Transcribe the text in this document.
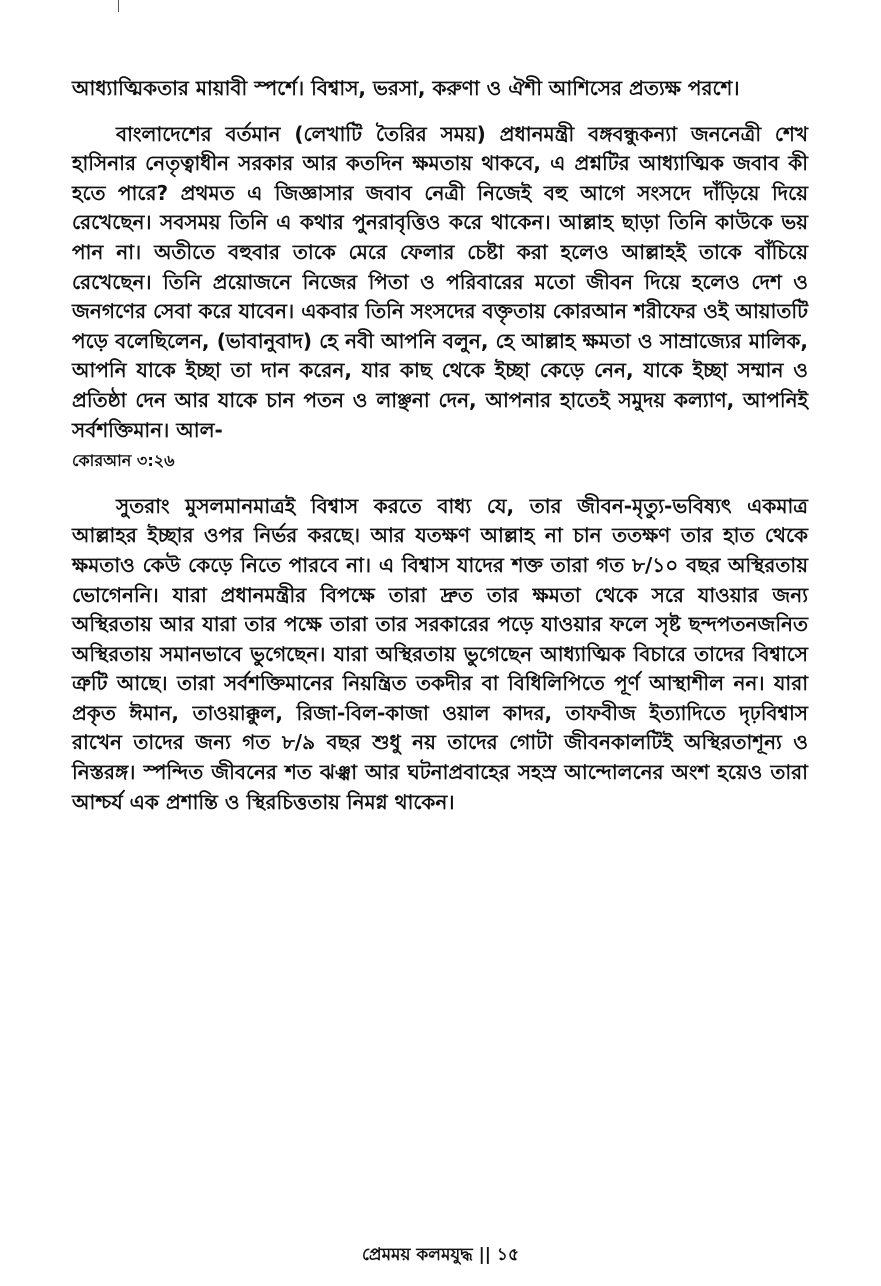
আধ্যাত্মিকতার মায়াবী স্পর্শে। বিশ্বাস, ভরসা, করুণা ও ঐশী আশিসের প্রত্যক্ষ পরশে।

বাংলাদেশের বর্তমান (লেখাটি তৈরির সময়) প্রধানমন্ত্রী বঙ্গবন্ধুকন্যা জননেত্রী শেখ হাসিনার নেতৃত্বাধীন সরকার আর কতদিন ক্ষমতায় থাকবে, এ প্রশ্নটির আধ্যাত্মিক জবাব কী হতে পারে? প্রথমত এ জিজ্ঞাসার জবাব নেত্রী নিজেই বহু আগে সংসদে দাঁড়িয়ে দিয়ে রেখেছেন। সবসময় তিনি এ কথার পুনরাবৃত্তিও করে থাকেন। আল্লাহ ছাড়া তিনি কাউকে ভয় পান না। অতীতে বহুবার তাকে মেরে ফেলার চেষ্টা করা হলেও আল্লাহই তাকে বাঁচিয়ে রেখেছেন। তিনি প্রয়োজনে নিজের পিতা ও পরিবারের মতো জীবন দিয়ে হলেও দেশ ও জনগণের সেবা করে যাবেন। একবার তিনি সংসদের বক্তৃতায় কোরআন শরীফের ওই আয়াতটি পড়ে বলেছিলেন, (ভাবানুবাদ) হে নবী আপনি বলুন, হে আল্লাহ ক্ষমতা ও সাম্রাজ্যের মালিক, আপনি যাকে ইচ্ছা তা দান করেন, যার কাছ থেকে ইচ্ছা কেড়ে নেন, যাকে ইচ্ছা সম্মান ও প্রতিষ্ঠা দেন আর যাকে চান পতন ও লাঞ্ছনা দেন, আপনার হাতেই সমুদয় কল্যাণ, আপনিই সর্বশক্তিমান। আল-
কোরআন ৩:২৬

সুতরাং মুসলমানমাত্রই বিশ্বাস করতে বাধ্য যে, তার জীবন-মৃত্যু-ভবিষ্যৎ একমাত্র আল্লাহর ইচ্ছার ওপর নির্ভর করছে। আর যতক্ষণ আল্লাহ না চান ততক্ষণ তার হাত থেকে ক্ষমতাও কেউ কেড়ে নিতে পারবে না। এ বিশ্বাস যাদের শক্ত তারা গত ৮/১০ বছর অস্থিরতায় ভোগেননি। যারা প্রধানমন্ত্রীর বিপক্ষে তারা দ্রুত তার ক্ষমতা থেকে সরে যাওয়ার জন্য অস্থিরতায় আর যারা তার পক্ষে তারা তার সরকারের পড়ে যাওয়ার ফলে সৃষ্ট ছন্দপতনজনিত অস্থিরতায় সমানভাবে ভুগেছেন। যারা অস্থিরতায় ভুগেছেন আধ্যাত্মিক বিচারে তাদের বিশ্বাসে ত্রুটি আছে। তারা সর্বশক্তিমানের নিয়ন্ত্রিত তকদীর বা বিধিলিপিতে পূর্ণ আস্থাশীল নন। যারা প্রকৃত ঈমান, তাওয়াক্কুল, রিজা-বিল-কাজা ওয়াল কাদর, তাফবীজ ইত্যাদিতে দৃঢ়বিশ্বাস রাখেন তাদের জন্য গত ৮/৯ বছর শুধু নয় তাদের গোটা জীবনকালটিই অস্থিরতাশূন্য ও নিস্তরঙ্গ। স্পন্দিত জীবনের শত ঝঞ্ঝা আর ঘটনাপ্রবাহের সহস্র আন্দোলনের অংশ হয়েও তারা আশ্চর্য এক প্রশান্তি ও স্থিরচিত্ততায় নিমগ্ন থাকেন।

প্রেমময় কলমযুদ্ধ || ১৫
